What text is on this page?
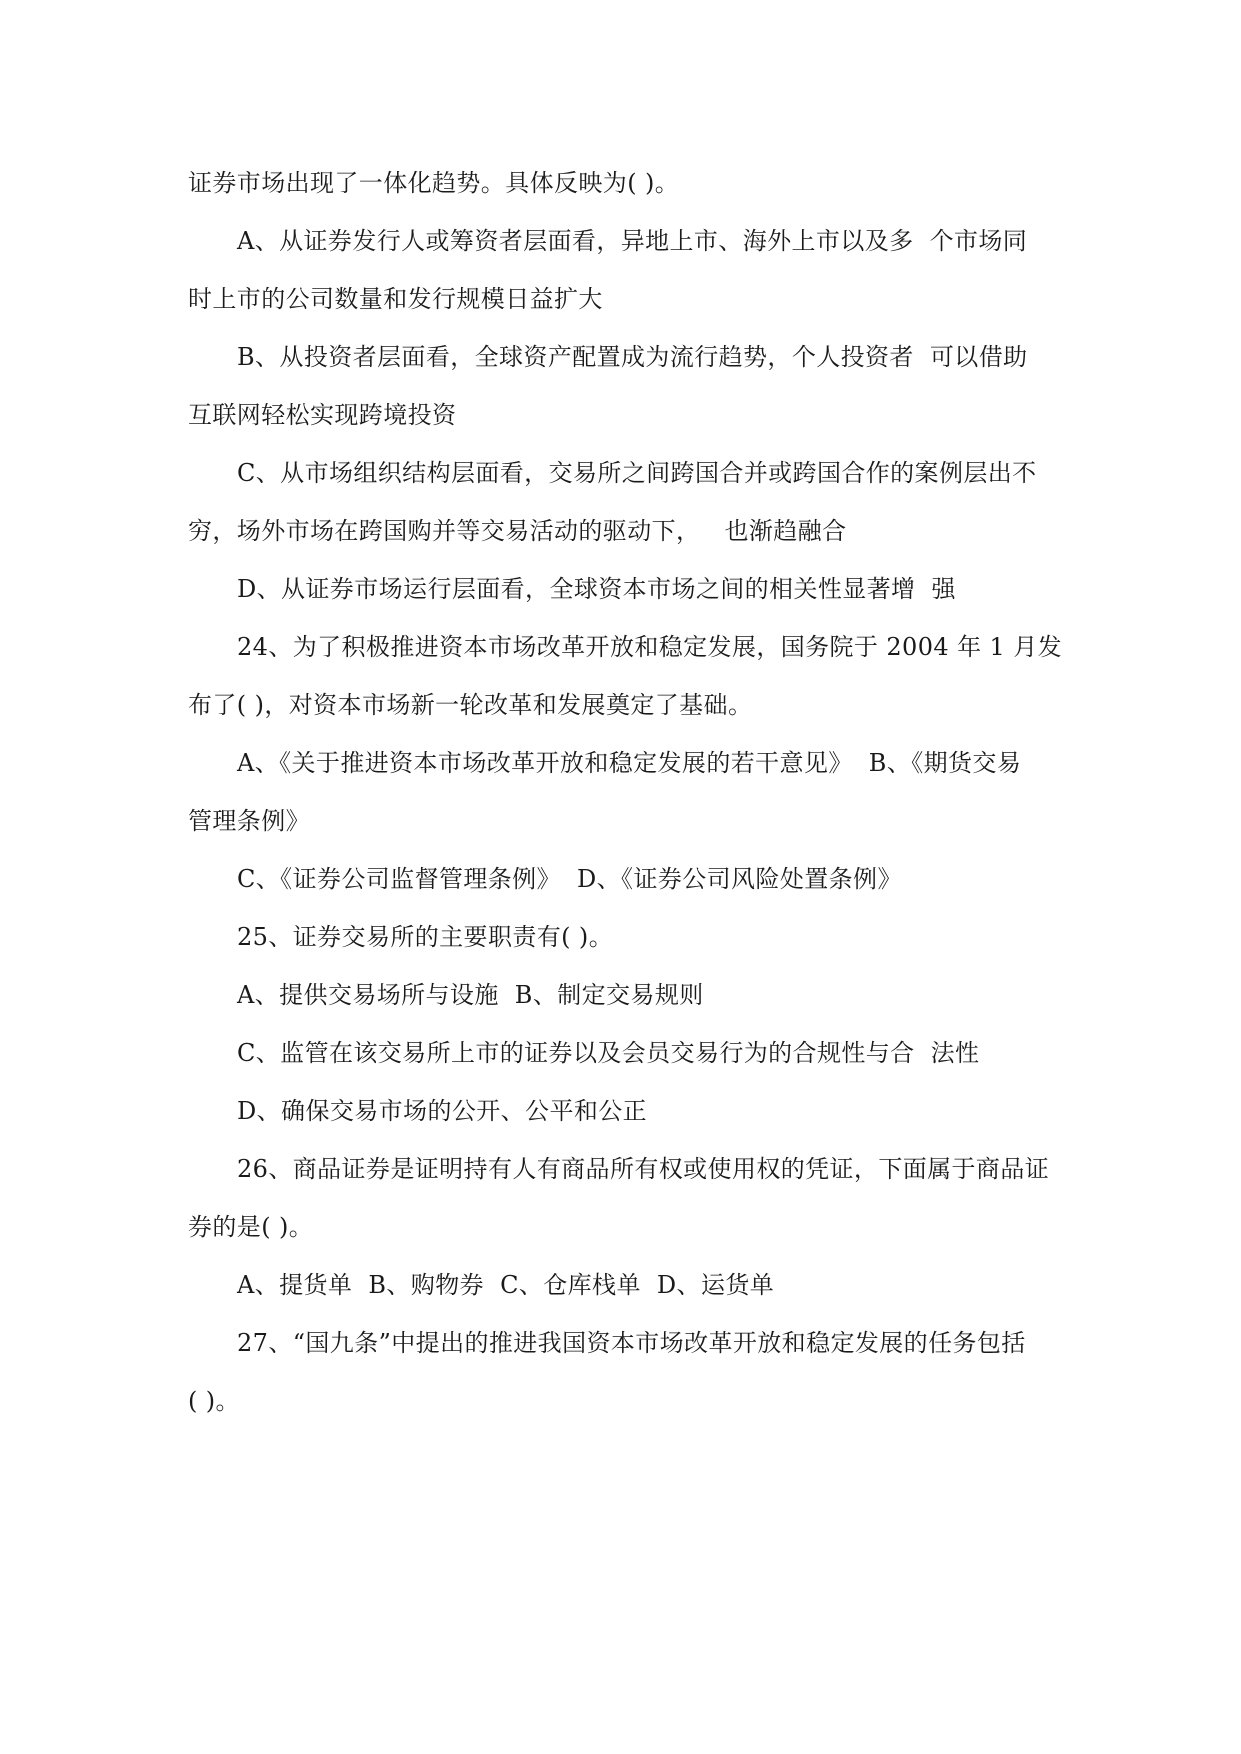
证券市场出现了一体化趋势。具体反映为( )。
A、从证券发行人或筹资者层面看，异地上市、海外上市以及多  个市场同
时上市的公司数量和发行规模日益扩大
B、从投资者层面看，全球资产配置成为流行趋势，个人投资者  可以借助
互联网轻松实现跨境投资
C、从市场组织结构层面看，交易所之间跨国合并或跨国合作的案例层出不
穷，场外市场在跨国购并等交易活动的驱动下，   也渐趋融合
D、从证券市场运行层面看，全球资本市场之间的相关性显著增  强
24、为了积极推进资本市场改革开放和稳定发展，国务院于 2004 年 1 月发
布了( )，对资本市场新一轮改革和发展奠定了基础。
A、《关于推进资本市场改革开放和稳定发展的若干意见》  B、《期货交易
管理条例》
C、《证券公司监督管理条例》  D、《证券公司风险处置条例》
25、证券交易所的主要职责有( )。
A、提供交易场所与设施  B、制定交易规则
C、监管在该交易所上市的证券以及会员交易行为的合规性与合  法性
D、确保交易市场的公开、公平和公正
26、商品证券是证明持有人有商品所有权或使用权的凭证，下面属于商品证
券的是( )。
A、提货单  B、购物券  C、仓库栈单  D、运货单
27、“国九条”中提出的推进我国资本市场改革开放和稳定发展的任务包括
( )。
